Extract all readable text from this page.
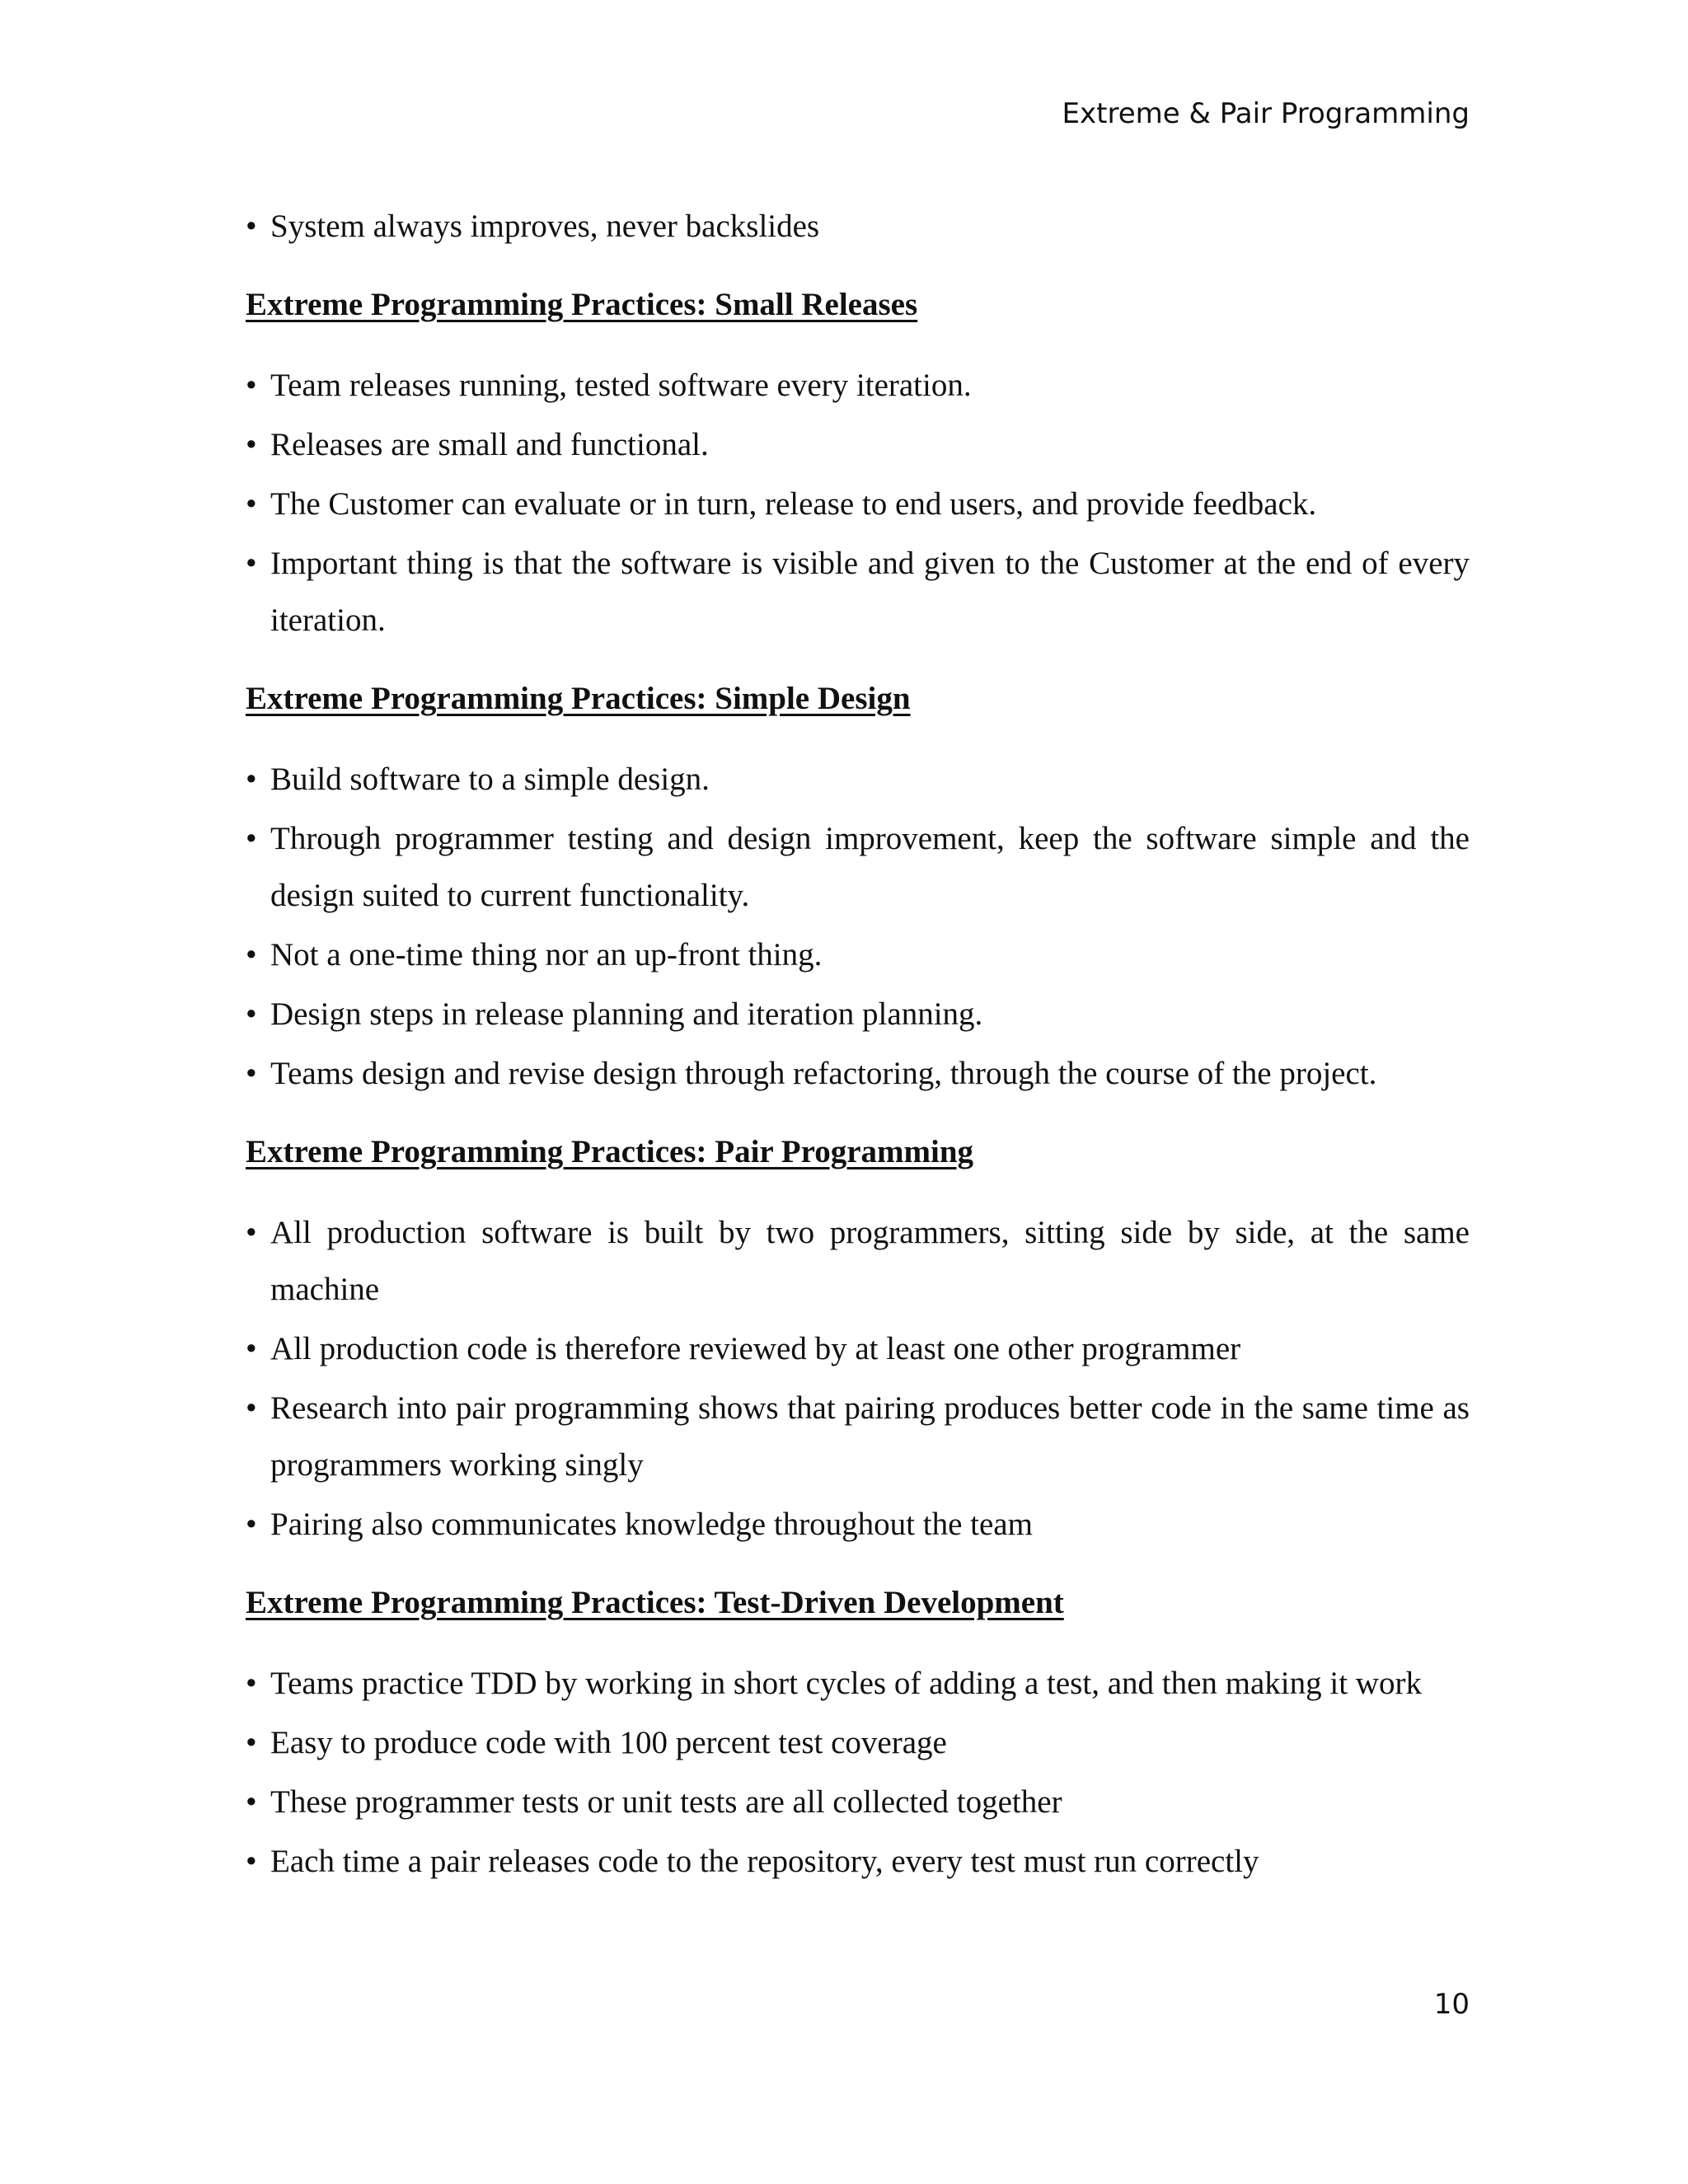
Extreme & Pair Programming
• System always improves, never backslides
Extreme Programming Practices: Small Releases
• Team releases running, tested software every iteration.
• Releases are small and functional.
• The Customer can evaluate or in turn, release to end users, and provide feedback.
• Important thing is that the software is visible and given to the Customer at the end of every iteration.
Extreme Programming Practices: Simple Design
• Build software to a simple design.
• Through programmer testing and design improvement, keep the software simple and the design suited to current functionality.
• Not a one-time thing nor an up-front thing.
• Design steps in release planning and iteration planning.
• Teams design and revise design through refactoring, through the course of the project.
Extreme Programming Practices: Pair Programming
• All production software is built by two programmers, sitting side by side, at the same machine
• All production code is therefore reviewed by at least one other programmer
• Research into pair programming shows that pairing produces better code in the same time as programmers working singly
• Pairing also communicates knowledge throughout the team
Extreme Programming Practices: Test-Driven Development
• Teams practice TDD by working in short cycles of adding a test, and then making it work
• Easy to produce code with 100 percent test coverage
• These programmer tests or unit tests are all collected together
• Each time a pair releases code to the repository, every test must run correctly
10
